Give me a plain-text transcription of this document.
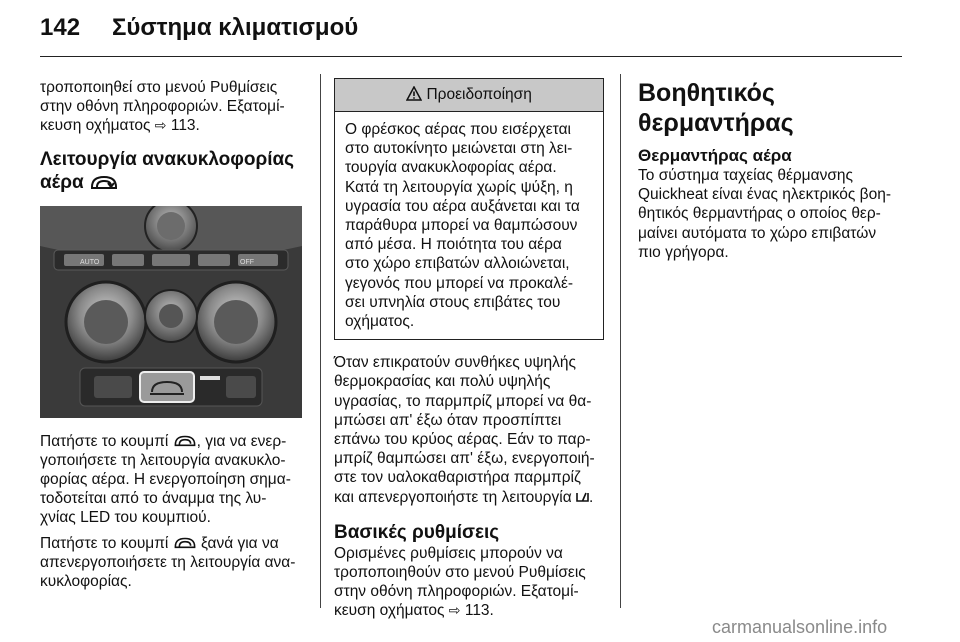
142 Σύστημα κλιματισμού

τροποποιηθεί στο μενού Ρυθμίσεις
στην οθόνη πληροφοριών. Εξατομί-
κευση οχήματος ⇨ 113.

Λειτουργία ανακυκλοφορίας
αέρα

AUTO	OFF

Πατήστε το κουμπί , για να ενερ-
γοποιήσετε τη λειτουργία ανακυκλο-
φορίας αέρα. Η ενεργοποίηση σημα-
τοδοτείται από το άναμμα της λυ-
χνίας LED του κουμπιού.

Πατήστε το κουμπί ξανά για να
απενεργοποιήσετε τη λειτουργία ανα-
κυκλοφορίας.

Προειδοποίηση
Ο φρέσκος αέρας που εισέρχεται
στο αυτοκίνητο μειώνεται στη λει-
τουργία ανακυκλοφορίας αέρα.
Κατά τη λειτουργία χωρίς ψύξη, η
υγρασία του αέρα αυξάνεται και τα
παράθυρα μπορεί να θαμπώσουν
από μέσα. Η ποιότητα του αέρα
στο χώρο επιβατών αλλοιώνεται,
γεγονός που μπορεί να προκαλέ-
σει υπνηλία στους επιβάτες του
οχήματος.

Όταν επικρατούν συνθήκες υψηλής
θερμοκρασίας και πολύ υψηλής
υγρασίας, το παρμπρίζ μπορεί να θα-
μπώσει απ' έξω όταν προσπίπτει
επάνω του κρύος αέρας. Εάν το παρ-
μπρίζ θαμπώσει απ' έξω, ενεργοποιή-
στε τον υαλοκαθαριστήρα παρμπρίζ
και απενεργοποιήστε τη λειτουργία .

Βασικές ρυθμίσεις

Ορισμένες ρυθμίσεις μπορούν να
τροποποιηθούν στο μενού Ρυθμίσεις
στην οθόνη πληροφοριών. Εξατομί-
κευση οχήματος ⇨ 113.

Βοηθητικός θερμαντήρας

Θερμαντήρας αέρα

Το σύστημα ταχείας θέρμανσης
Quickheat είναι ένας ηλεκτρικός βοη-
θητικός θερμαντήρας ο οποίος θερ-
μαίνει αυτόματα το χώρο επιβατών
πιο γρήγορα.

carmanualsonline.info
